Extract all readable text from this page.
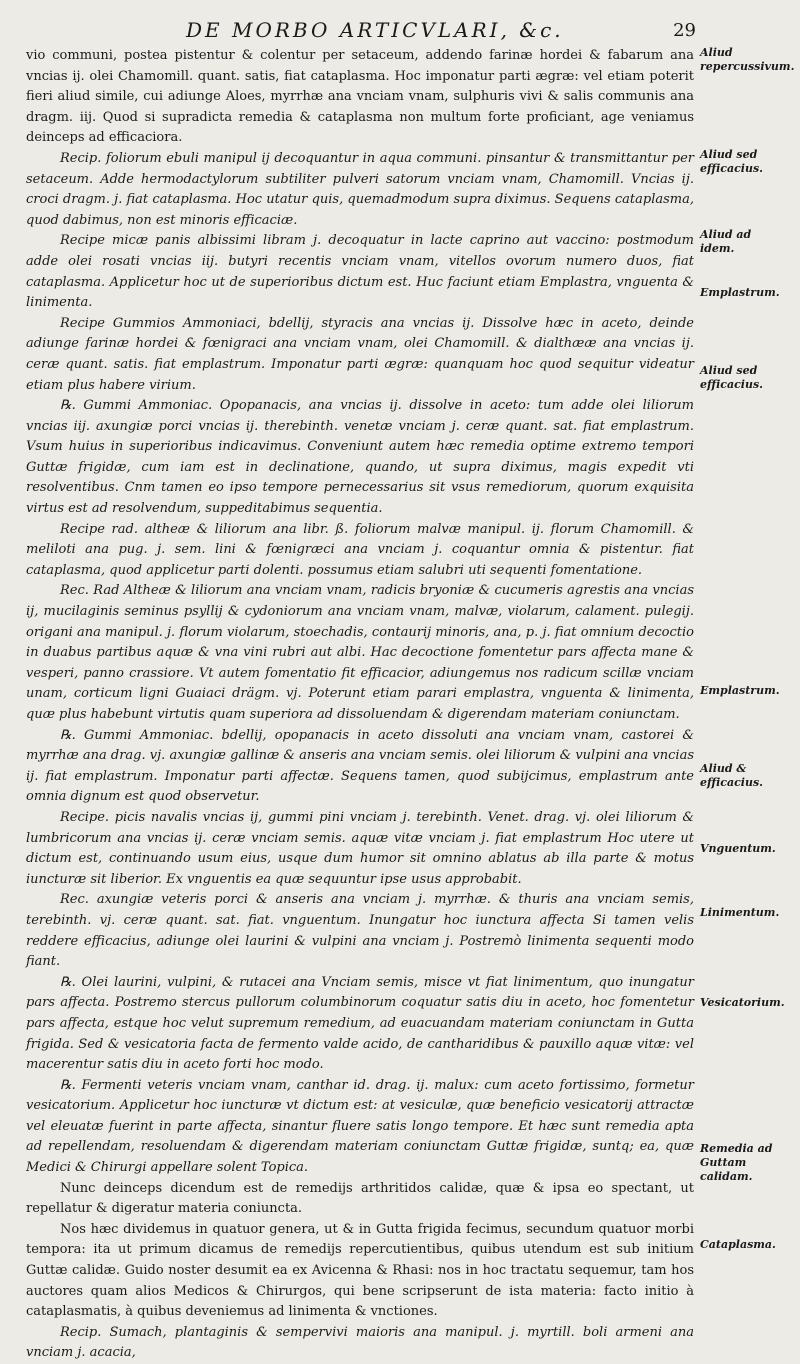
DE MORBO ARTICVLARI, &c.	29

vio communi, postea pistentur & colentur per setaceum, addendo farinæ hordei & fabarum ana vncias ij. olei Chamomill. quant. satis, fiat cataplasma. Hoc imponatur parti ægræ: vel etiam poterit fieri aliud simile, cui adiunge Aloes, myrrhæ ana vnciam vnam, sulphuris vivi & salis communis ana dragm. iij. Quod si supradicta remedia & cataplasma non multum forte proficiant, age veniamus deinceps ad efficaciora.

Recip. foliorum ebuli manipul ij decoquantur in aqua communi. pinsantur & transmittantur per setaceum. Adde hermodactylorum subtiliter pulveri satorum vnciam vnam, Chamomill. Vncias ij. croci dragm. j. fiat cataplasma. Hoc utatur quis, quemadmodum supra diximus. Sequens cataplasma, quod dabimus, non est minoris efficaciæ.

Recipe micæ panis albissimi libram j. decoquatur in lacte caprino aut vaccino: postmodum adde olei rosati vncias iij. butyri recentis vnciam vnam, vitellos ovorum numero duos, fiat cataplasma. Applicetur hoc ut de superioribus dictum est. Huc faciunt etiam Emplastra, vnguenta & linimenta.

Recipe Gummios Ammoniaci, bdellij, styracis ana vncias ij. Dissolve hæc in aceto, deinde adiunge farinæ hordei & fœnigraci ana vnciam vnam, olei Chamomill. & dialthææ ana vncias ij. ceræ quant. satis. fiat emplastrum. Imponatur parti ægræ: quanquam hoc quod sequitur videatur etiam plus habere virium.

℞. Gummi Ammoniac. Opopanacis, ana vncias ij. dissolve in aceto: tum adde olei liliorum vncias iij. axungiæ porci vncias ij. therebinth. venetæ vnciam j. ceræ quant. sat. fiat emplastrum. Vsum huius in superioribus indicavimus. Conveniunt autem hæc remedia optime extremo tempori Guttæ frigidæ, cum iam est in declinatione, quando, ut supra diximus, magis expedit vti resolventibus. Cnm tamen eo ipso tempore pernecessarius sit vsus remediorum, quorum exquisita virtus est ad resolvendum, suppeditabimus sequentia.

Recipe rad. altheæ & liliorum ana libr. ß. foliorum malvæ manipul. ij. florum Chamomill. & meliloti ana pug. j. sem. lini & fœnigræci ana vnciam j. coquantur omnia & pistentur. fiat cataplasma, quod applicetur parti dolenti. possumus etiam salubri uti sequenti fomentatione.

Rec. Rad Altheæ & liliorum ana vnciam vnam, radicis bryoniæ & cucumeris agrestis ana vncias ij, mucilaginis seminus psyllij & cydoniorum ana vnciam vnam, malvæ, violarum, calament. pulegij. origani ana manipul. j. florum violarum, stoechadis, contaurij minoris, ana, p. j. fiat omnium decoctio in duabus partibus aquæ & vna vini rubri aut albi. Hac decoctione fomentetur pars affecta mane & vesperi, panno crassiore. Vt autem fomentatio fit efficacior, adiungemus nos radicum scillæ vnciam unam, corticum ligni Guaiaci drägm. vj. Poterunt etiam parari emplastra, vnguenta & linimenta, quæ plus habebunt virtutis quam superiora ad dissoluendam & digerendam materiam coniunctam.

℞. Gummi Ammoniac. bdellij, opopanacis in aceto dissoluti ana vnciam vnam, castorei & myrrhæ ana drag. vj. axungiæ gallinæ & anseris ana vnciam semis. olei liliorum & vulpini ana vncias ij. fiat emplastrum. Imponatur parti affectæ. Sequens tamen, quod subijcimus, emplastrum ante omnia dignum est quod observetur.

Recipe. picis navalis vncias ij, gummi pini vnciam j. terebinth. Venet. drag. vj. olei liliorum & lumbricorum ana vncias ij. ceræ vnciam semis. aquæ vitæ vnciam j. fiat emplastrum Hoc utere ut dictum est, continuando usum eius, usque dum humor sit omnino ablatus ab illa parte & motus iuncturæ sit liberior. Ex vnguentis ea quæ sequuntur ipse usus approbabit.

Rec. axungiæ veteris porci & anseris ana vnciam j. myrrhæ. & thuris ana vnciam semis, terebinth. vj. ceræ quant. sat. fiat. vnguentum. Inungatur hoc iunctura affecta Si tamen velis reddere efficacius, adiunge olei laurini & vulpini ana vnciam j. Postremò linimenta sequenti modo fiant.

℞. Olei laurini, vulpini, & rutacei ana Vnciam semis, misce vt fiat linimentum, quo inungatur pars affecta. Postremo stercus pullorum columbinorum coquatur satis diu in aceto, hoc fomentetur pars affecta, estque hoc velut supremum remedium, ad euacuandam materiam coniunctam in Gutta frigida. Sed & vesicatoria facta de fermento valde acido, de cantharidibus & pauxillo aquæ vitæ: vel macerentur satis diu in aceto forti hoc modo.

℞. Fermenti veteris vnciam vnam, canthar id. drag. ij. malux: cum aceto fortissimo, formetur vesicatorium. Applicetur hoc iuncturæ vt dictum est: at vesiculæ, quæ beneficio vesicatorij attractæ vel eleuatæ fuerint in parte affecta, sinantur fluere satis longo tempore. Et hæc sunt remedia apta ad repellendam, resoluendam & digerendam materiam coniunctam Guttæ frigidæ, suntq; ea, quæ Medici & Chirurgi appellare solent Topica.

Nunc deinceps dicendum est de remedijs arthritidos calidæ, quæ & ipsa eo spectant, ut repellatur & digeratur materia coniuncta.

Nos hæc dividemus in quatuor genera, ut & in Gutta frigida fecimus, secundum quatuor morbi tempora: ita ut primum dicamus de remedijs repercutientibus, quibus utendum est sub initium Guttæ calidæ. Guido noster desumit ea ex Avicenna & Rhasi: nos in hoc tractatu sequemur, tam hos auctores quam alios Medicos & Chirurgos, qui bene scripserunt de ista materia: facto initio à cataplasmatis, à quibus deveniemus ad linimenta & vnctiones.

Recip. Sumach, plantaginis & sempervivi maioris ana manipul. j. myrtill. boli armeni ana vnciam j. acacia,

Aliud repercussivum.
Aliud sed efficacius.
Aliud ad idem.
Emplastrum.
Aliud sed efficacius.
Emplastrum.
Aliud & efficacius.
Vnguentum.
Linimentum.
Vesicatorium.
Remedia ad Guttam calidam.
Cataplasma.
